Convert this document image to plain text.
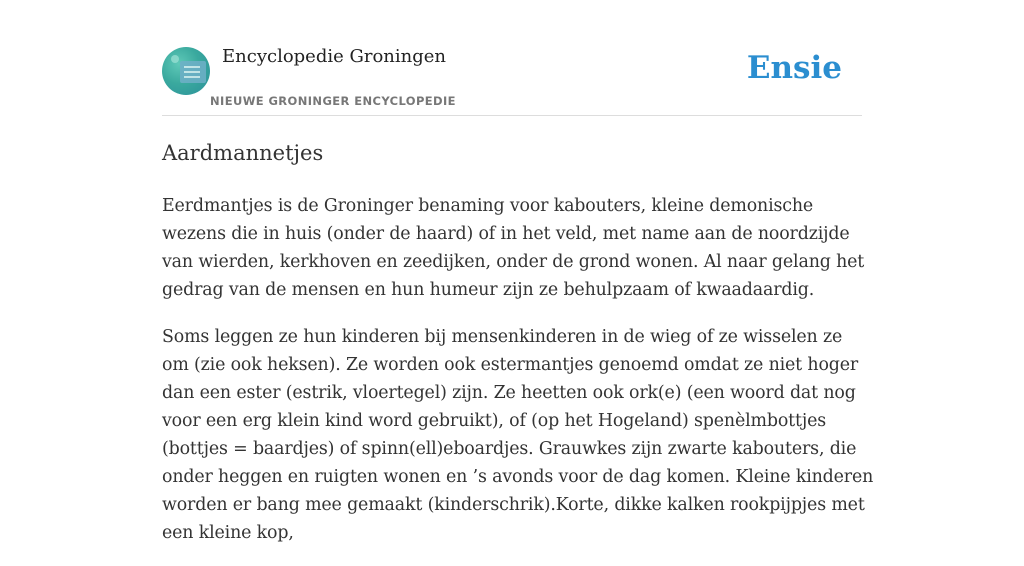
Encyclopedie Groningen
NIEUWE GRONINGER ENCYCLOPEDIE
Ensie
Aardmannetjes

Eerdmantjes is de Groninger benaming voor kabouters, kleine demonische wezens die in huis (onder de haard) of in het veld, met name aan de noordzijde van wierden, kerkhoven en zeedijken, onder de grond wonen. Al naar gelang het gedrag van de mensen en hun humeur zijn ze behulpzaam of kwaadaardig.

Soms leggen ze hun kinderen bij mensenkinderen in de wieg of ze wisselen ze om (zie ook heksen). Ze worden ook estermantjes genoemd omdat ze niet hoger dan een ester (estrik, vloertegel) zijn. Ze heetten ook ork(e) (een woord dat nog voor een erg klein kind word gebruikt), of (op het Hogeland) spenèlmbottjes (bottjes = baardjes) of spinn(ell)eboardjes. Grauwkes zijn zwarte kabouters, die onder heggen en ruigten wonen en ’s avonds voor de dag komen. Kleine kinderen worden er bang mee gemaakt (kinderschrik).Korte, dikke kalken rookpijpjes met een kleine kop,
